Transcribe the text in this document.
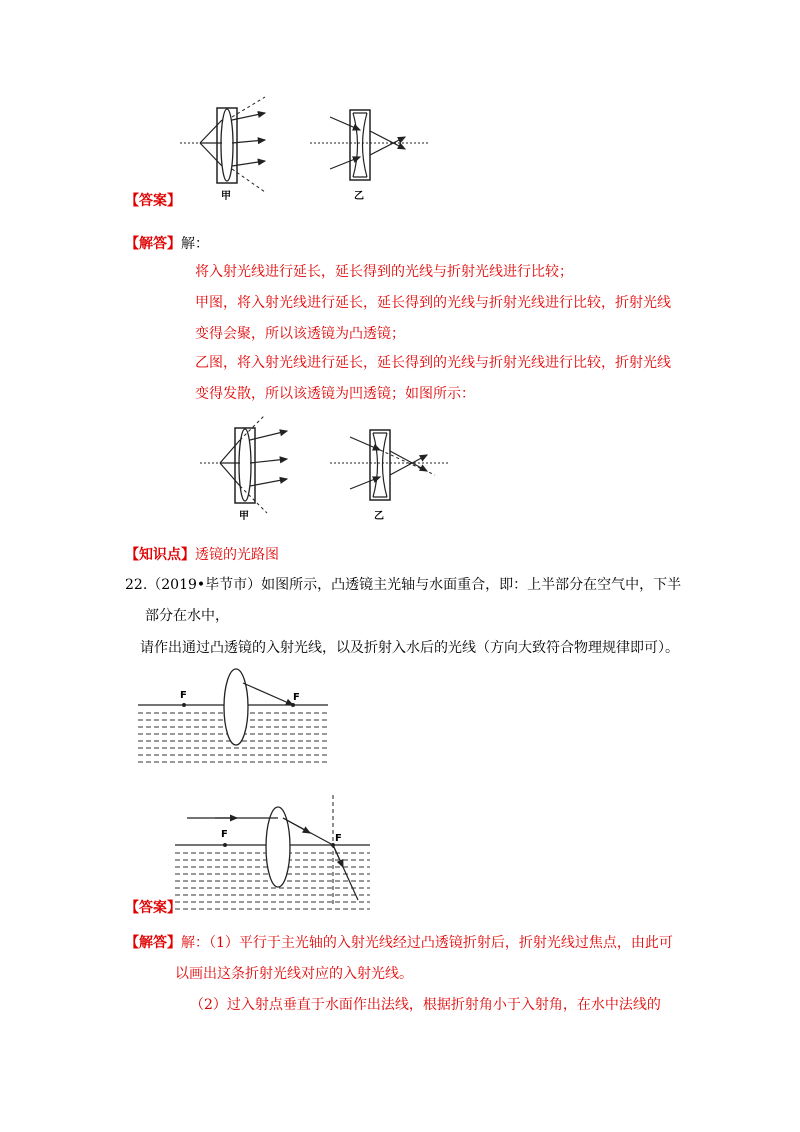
甲	乙
【答案】
【解答】解：
将入射光线进行延长，延长得到的光线与折射光线进行比较；
甲图，将入射光线进行延长，延长得到的光线与折射光线进行比较，折射光线
变得会聚，所以该透镜为凸透镜；
乙图，将入射光线进行延长，延长得到的光线与折射光线进行比较，折射光线
变得发散，所以该透镜为凹透镜；如图所示：
甲	乙
【知识点】透镜的光路图
22.（2019•毕节市）如图所示，凸透镜主光轴与水面重合，即：上半部分在空气中，下半
部分在水中，
请作出通过凸透镜的入射光线，以及折射入水后的光线（方向大致符合物理规律即可）。
F	F
F	F
【答案】
【解答】解：（1）平行于主光轴的入射光线经过凸透镜折射后，折射光线过焦点，由此可
以画出这条折射光线对应的入射光线。
（2）过入射点垂直于水面作出法线，根据折射角小于入射角，在水中法线的
